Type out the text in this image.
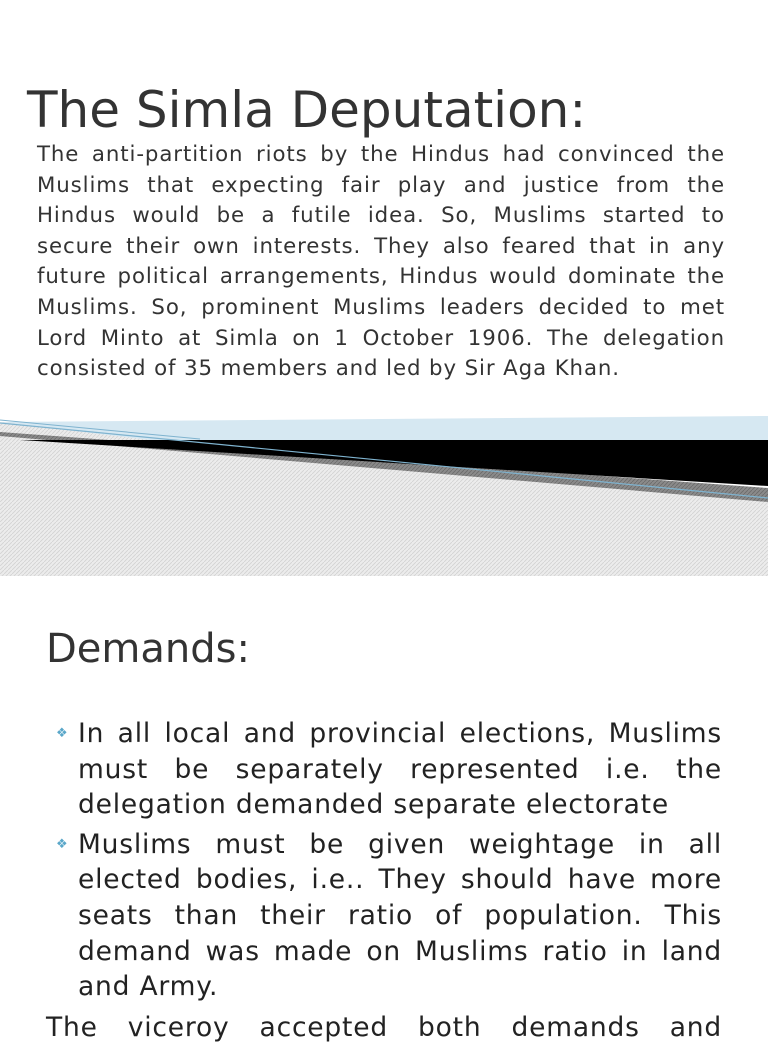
The Simla Deputation:

The anti-partition riots by the Hindus had convinced the Muslims that expecting fair play and justice from the Hindus would be a futile idea. So, Muslims started to secure their own interests. They also feared that in any future political arrangements, Hindus would dominate the Muslims. So, prominent Muslims leaders decided to met Lord Minto at Simla on 1 October 1906. The delegation consisted of 35 members and led by Sir Aga Khan.

Demands:
❖ In all local and provincial elections, Muslims must be separately represented i.e. the delegation demanded separate electorate
❖ Muslims must be given weightage in all elected bodies, i.e.. They should have more seats than their ratio of population. This demand was made on Muslims ratio in land and Army.

The viceroy accepted both demands and
